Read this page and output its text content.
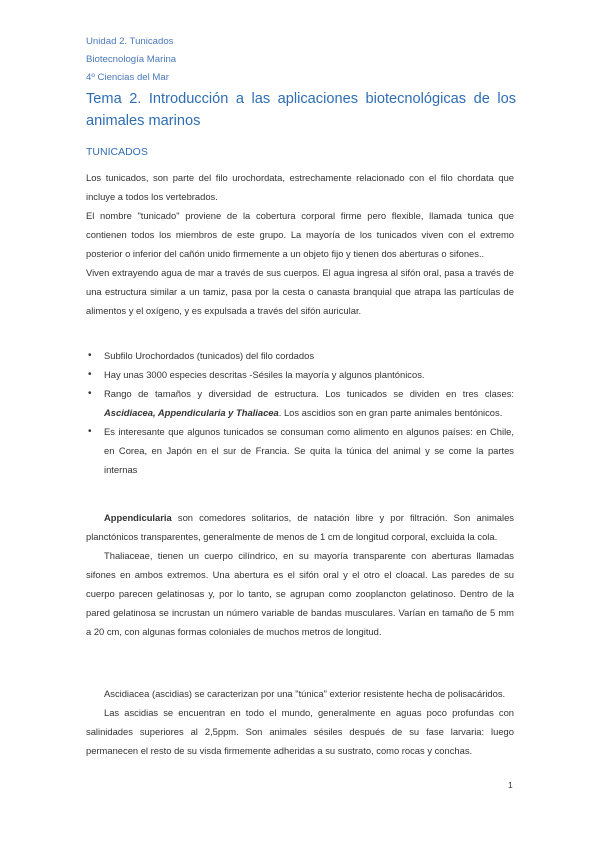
Unidad 2. Tunicados
Biotecnología Marina
4º Ciencias del Mar
Tema 2. Introducción a las aplicaciones biotecnológicas de los animales marinos
TUNICADOS

Los tunicados, son parte del filo urochordata, estrechamente relacionado con el filo chordata que incluye a todos los vertebrados.

El nombre "tunicado" proviene de la cobertura corporal firme pero flexible, llamada tunica que contienen todos los miembros de este grupo. La mayoría de los tunicados viven con el extremo posterior o inferior del cañón unido firmemente a un objeto fijo y tienen dos aberturas o sifones..

Viven extrayendo agua de mar a través de sus cuerpos. El agua ingresa al sifón oral, pasa a través de una estructura similar a un tamiz, pasa por la cesta o canasta branquial que atrapa las partículas de alimentos y el oxígeno, y es expulsada a través del sifón auricular.

• Subfilo Urochordados (tunicados) del filo cordados
• Hay unas 3000 especies descritas -Sésiles la mayoría y algunos plantónicos.
• Rango de tamaños y diversidad de estructura. Los tunicados se dividen en tres clases: Ascidiacea, Appendicularia y Thaliacea. Los ascidios son en gran parte animales bentónicos.
• Es interesante que algunos tunicados se consuman como alimento en algunos países: en Chile, en Corea, en Japón en el sur de Francia. Se quita la túnica del animal y se come la partes internas

Appendicularia son comedores solitarios, de natación libre y por filtración. Son animales planctónicos transparentes, generalmente de menos de 1 cm de longitud corporal, excluida la cola.

Thaliaceae, tienen un cuerpo cilíndrico, en su mayoría transparente con aberturas llamadas sifones en ambos extremos. Una abertura es el sifón oral y el otro el cloacal. Las paredes de su cuerpo parecen gelatinosas y, por lo tanto, se agrupan como zooplancton gelatinoso. Dentro de la pared gelatinosa se incrustan un número variable de bandas musculares. Varían en tamaño de 5 mm a 20 cm, con algunas formas coloniales de muchos metros de longitud.

Ascidiacea (ascidias) se caracterizan por una "túnica" exterior resistente hecha de polisacáridos.

Las ascidias se encuentran en todo el mundo, generalmente en aguas poco profundas con salinidades superiores al 2,5ppm. Son animales sésiles después de su fase larvaria: luego permanecen el resto de su visda firmemente adheridas a su sustrato, como rocas y conchas.

1
